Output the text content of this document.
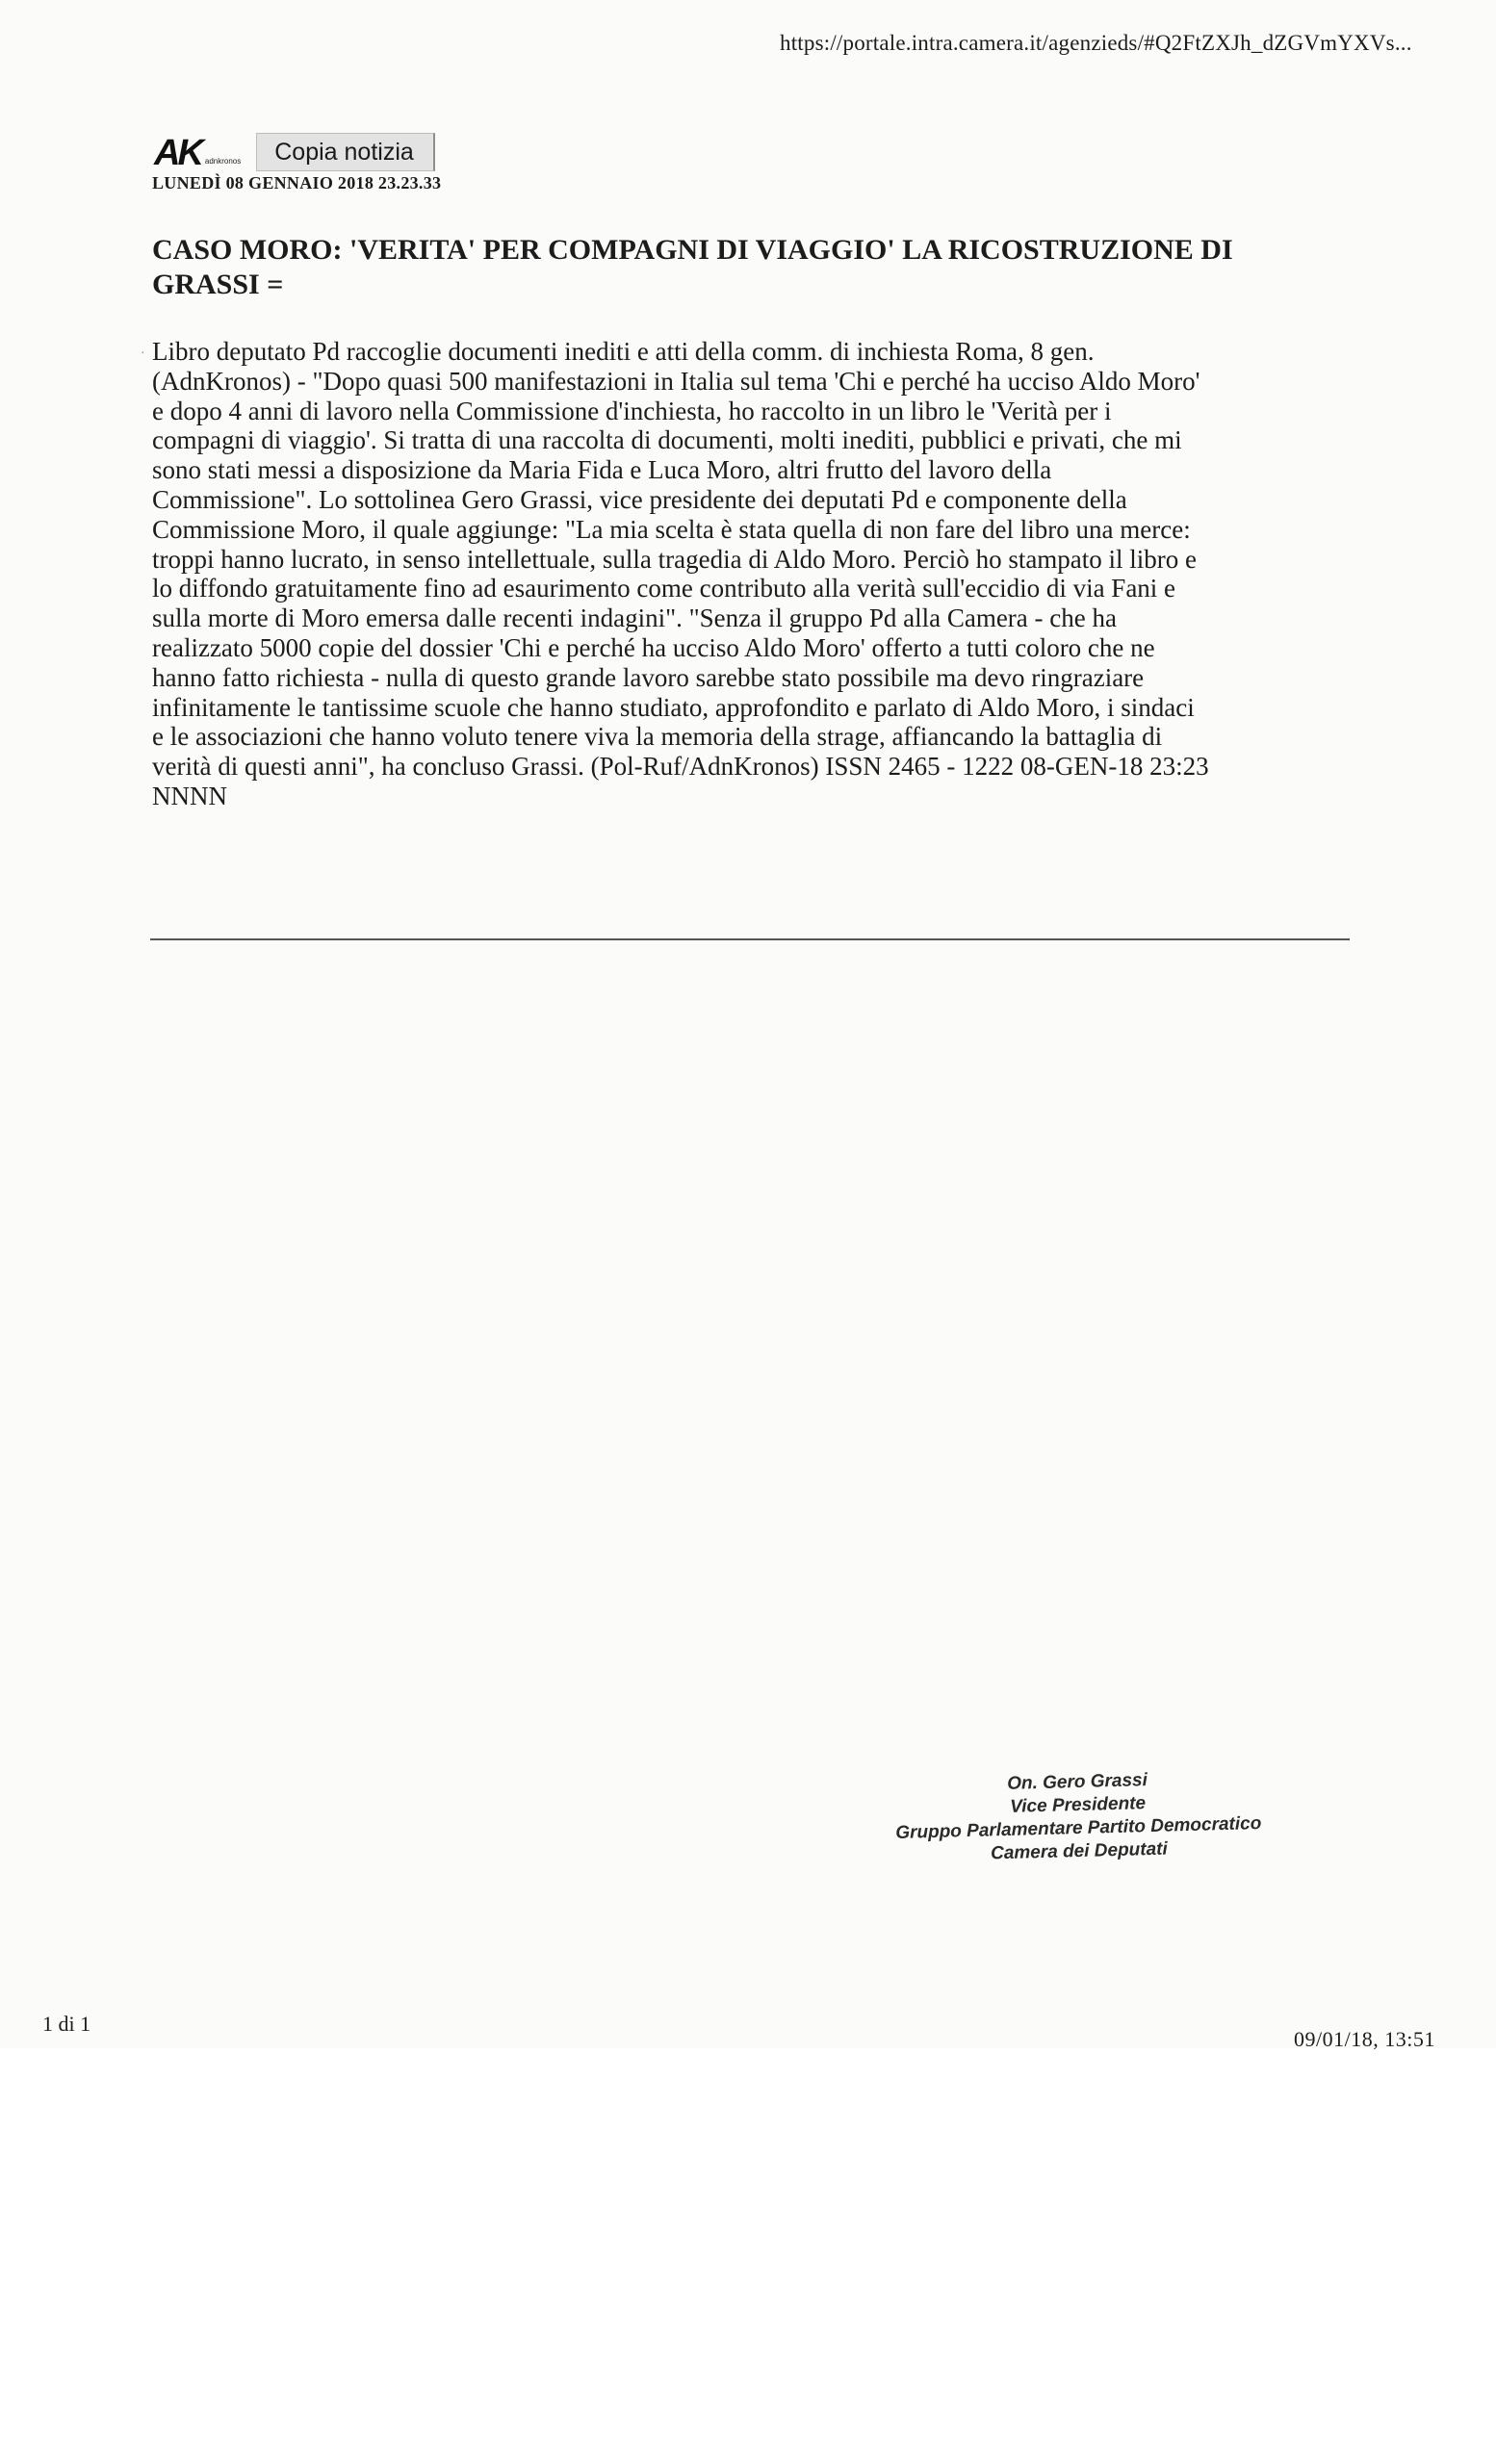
https://portale.intra.camera.it/agenzieds/#Q2FtZXJh_dZGVmYXVs...
AK adnkronos	Copia notizia
LUNEDÌ 08 GENNAIO 2018 23.23.33
CASO MORO: 'VERITA' PER COMPAGNI DI VIAGGIO' LA RICOSTRUZIONE DI GRASSI =
· Libro deputato Pd raccoglie documenti inediti e atti della comm. di inchiesta Roma, 8 gen.
(AdnKronos) - "Dopo quasi 500 manifestazioni in Italia sul tema 'Chi e perché ha ucciso Aldo Moro'
e dopo 4 anni di lavoro nella Commissione d'inchiesta, ho raccolto in un libro le 'Verità per i
compagni di viaggio'. Si tratta di una raccolta di documenti, molti inediti, pubblici e privati, che mi
sono stati messi a disposizione da Maria Fida e Luca Moro, altri frutto del lavoro della
Commissione". Lo sottolinea Gero Grassi, vice presidente dei deputati Pd e componente della
Commissione Moro, il quale aggiunge: "La mia scelta è stata quella di non fare del libro una merce:
troppi hanno lucrato, in senso intellettuale, sulla tragedia di Aldo Moro. Perciò ho stampato il libro e
lo diffondo gratuitamente fino ad esaurimento come contributo alla verità sull'eccidio di via Fani e
sulla morte di Moro emersa dalle recenti indagini". "Senza il gruppo Pd alla Camera - che ha
realizzato 5000 copie del dossier 'Chi e perché ha ucciso Aldo Moro' offerto a tutti coloro che ne
hanno fatto richiesta - nulla di questo grande lavoro sarebbe stato possibile ma devo ringraziare
infinitamente le tantissime scuole che hanno studiato, approfondito e parlato di Aldo Moro, i sindaci
e le associazioni che hanno voluto tenere viva la memoria della strage, affiancando la battaglia di
verità di questi anni", ha concluso Grassi. (Pol-Ruf/AdnKronos) ISSN 2465 - 1222 08-GEN-18 23:23
NNNN
On. Gero Grassi
Vice Presidente
Gruppo Parlamentare Partito Democratico
Camera dei Deputati
1 di 1
09/01/18, 13:51
